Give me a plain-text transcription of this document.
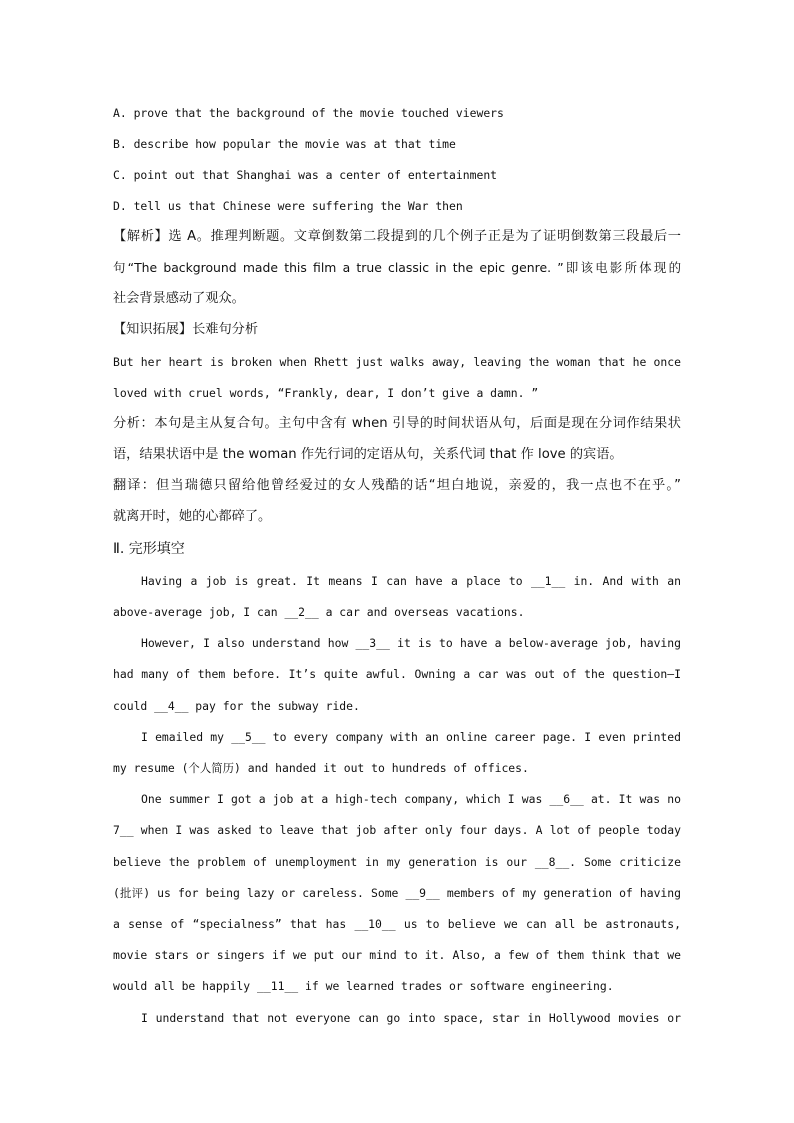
A. prove that the background of the movie touched viewers
B. describe how popular the movie was at that time
C. point out that Shanghai was a center of entertainment
D. tell us that Chinese were suffering the War then
【解析】选 A。推理判断题。文章倒数第二段提到的几个例子正是为了证明倒数第三段最后一
句“The background made this film a true classic in the epic genre. ”即该电影所体现的
社会背景感动了观众。
【知识拓展】长难句分析
But her heart is broken when Rhett just walks away, leaving the woman that he once
loved with cruel words, “Frankly, dear, I don’t give a damn. ”
分析：本句是主从复合句。主句中含有 when 引导的时间状语从句，后面是现在分词作结果状
语，结果状语中是 the woman 作先行词的定语从句，关系代词 that 作 love 的宾语。
翻译：但当瑞德只留给他曾经爱过的女人残酷的话“坦白地说，亲爱的，我一点也不在乎。”
就离开时，她的心都碎了。
Ⅱ. 完形填空
Having a job is great. It means I can have a place to __1__ in. And with an
above-average job, I can __2__ a car and overseas vacations.
However, I also understand how __3__ it is to have a below-average job, having
had many of them before. It’s quite awful. Owning a car was out of the question—I
could __4__ pay for the subway ride.
I emailed my __5__ to every company with an online career page. I even printed
my resume (个人简历) and handed it out to hundreds of offices.
One summer I got a job at a high-tech company, which I was __6__ at. It was no
7__ when I was asked to leave that job after only four days. A lot of people today
believe the problem of unemployment in my generation is our __8__. Some criticize
(批评) us for being lazy or careless. Some __9__ members of my generation of having
a sense of “specialness” that has __10__ us to believe we can all be astronauts,
movie stars or singers if we put our mind to it. Also, a few of them think that we
would all be happily __11__ if we learned trades or software engineering.
I understand that not everyone can go into space, star in Hollywood movies or
